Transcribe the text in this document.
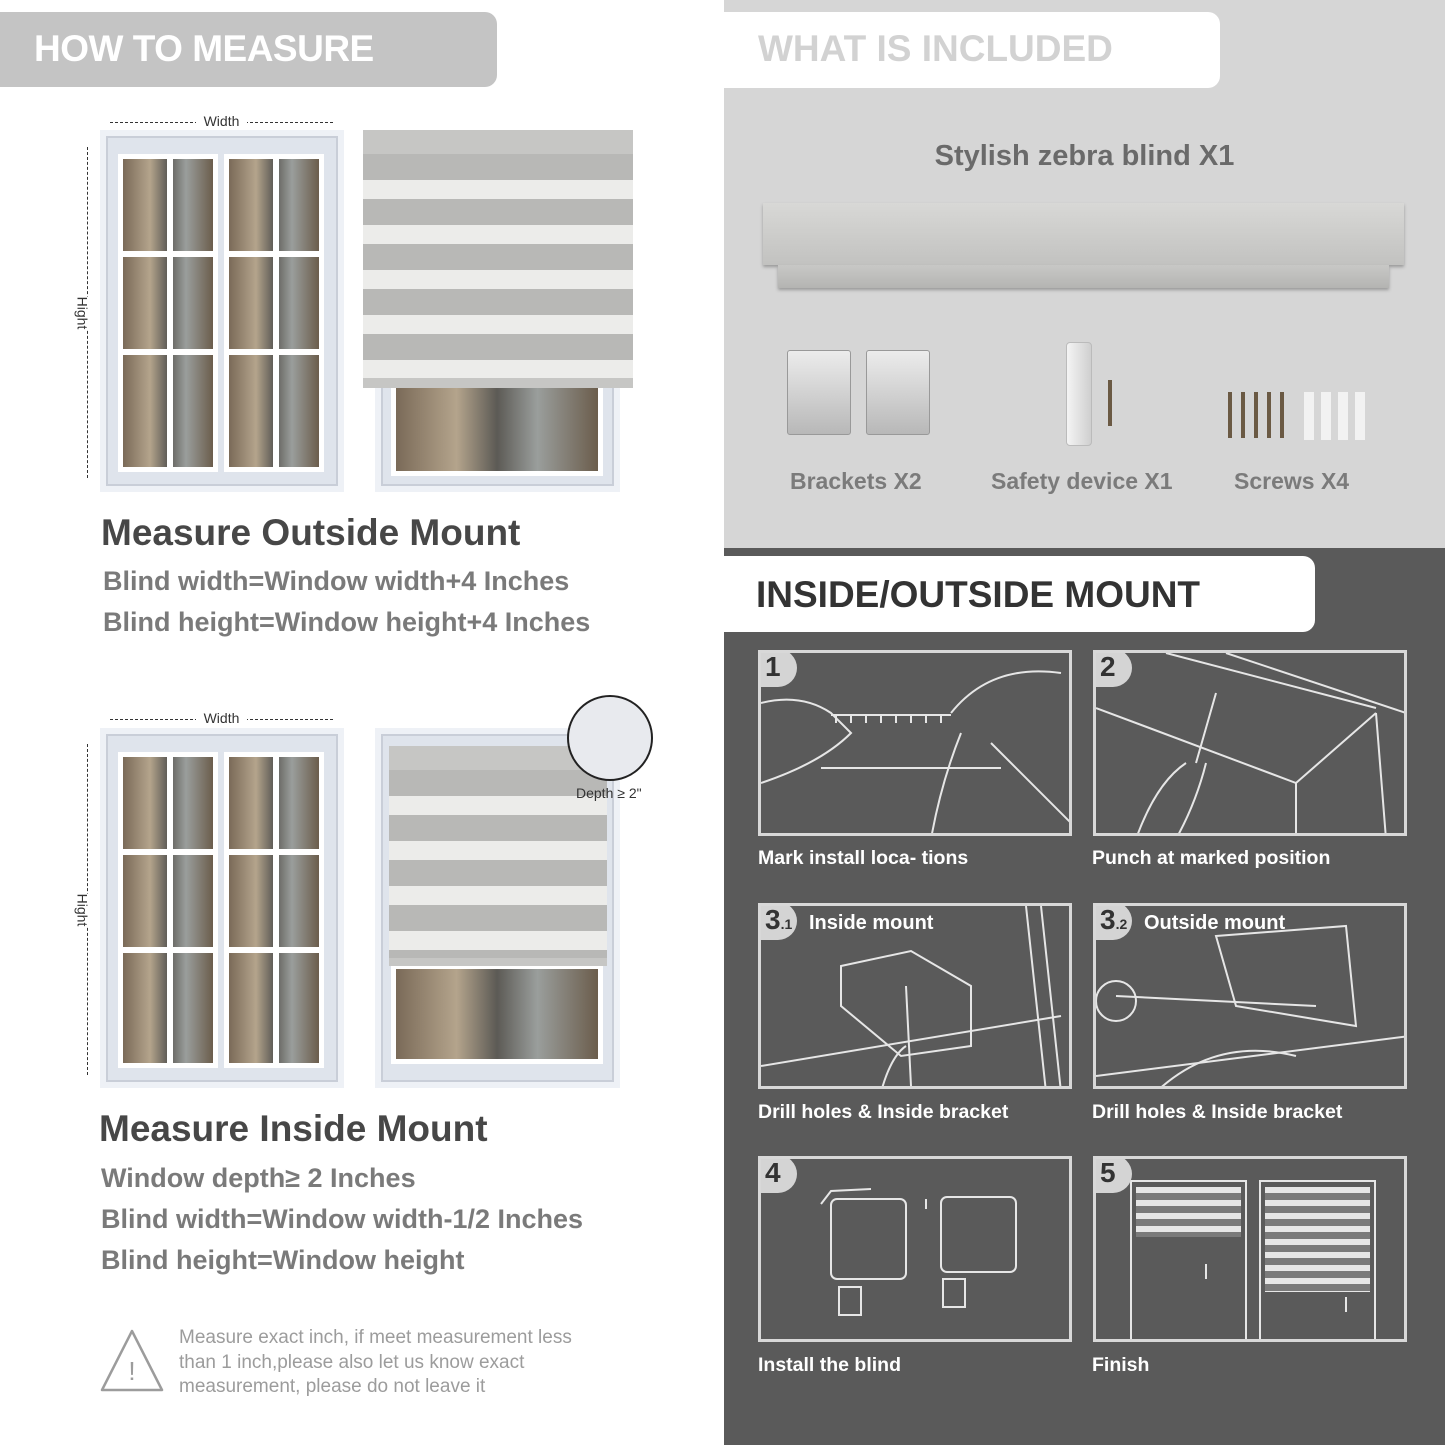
HOW TO MEASURE
Width
Hight
Measure Outside Mount
Blind width=Window width+4 Inches
Blind height=Window height+4 Inches
Width
Hight
Depth ≥ 2"
Measure Inside Mount
Window depth≥ 2 Inches
Blind width=Window width-1/2 Inches
Blind height=Window height
!
Measure exact inch, if meet measurement less
than 1 inch,please also let us know exact
measurement, please do not leave it
WHAT IS INCLUDED
Stylish zebra blind X1
Brackets X2	Safety device X1	Screws X4
INSIDE/OUTSIDE MOUNT
1
Mark install loca- tions
2
Punch at marked position
3.1 Inside mount
Drill holes & Inside bracket
3.2 Outside mount
Drill holes & Inside bracket
4
Install the blind
5
Finish
